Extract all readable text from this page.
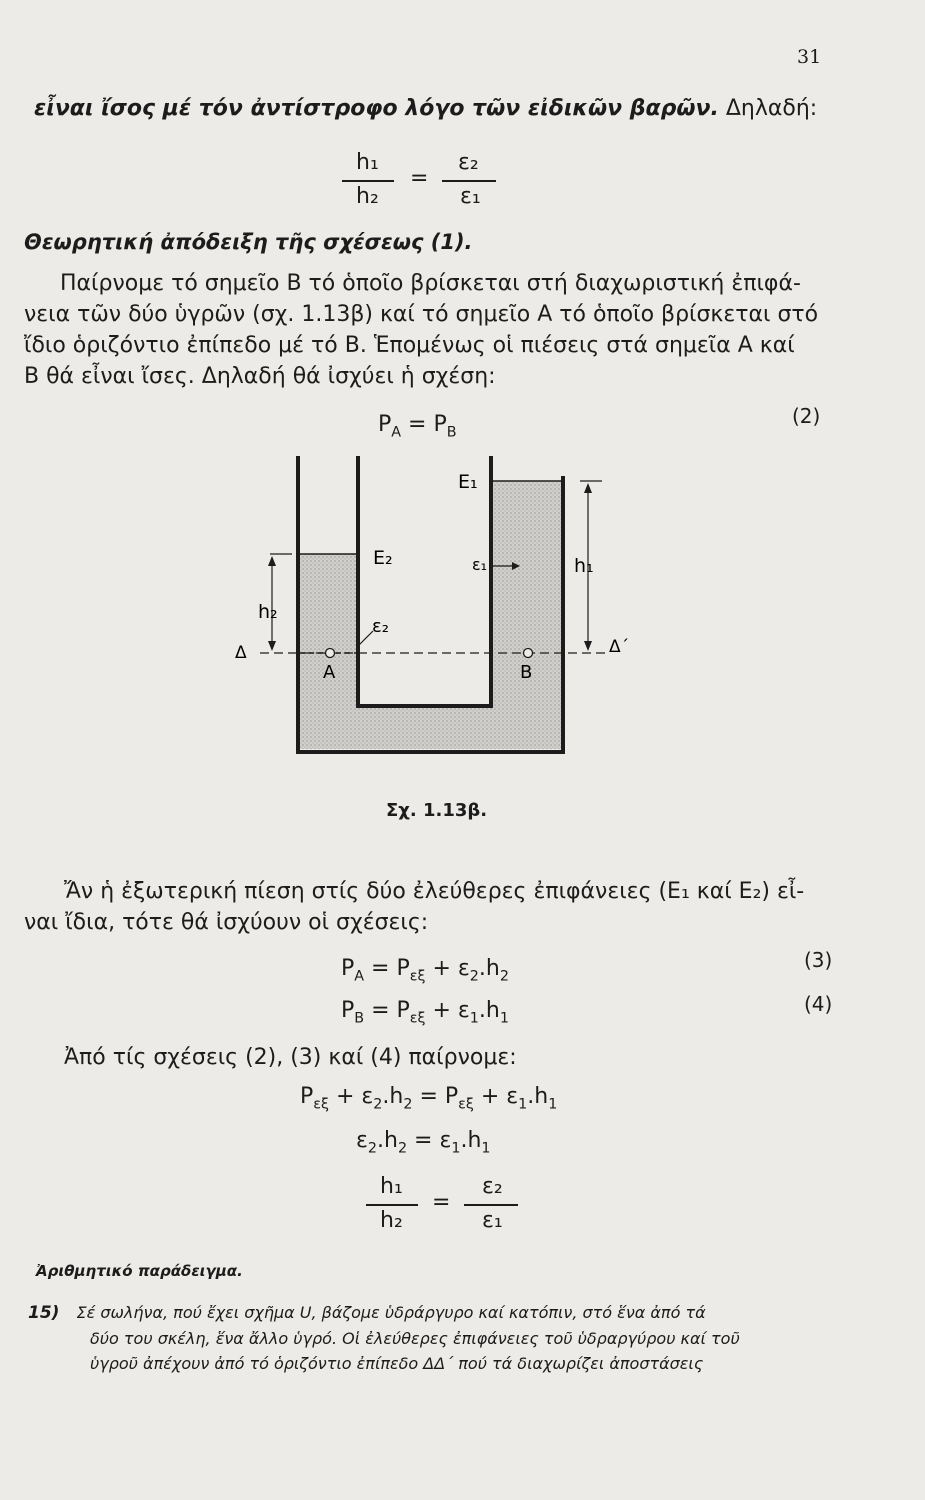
31
εἶναι ἴσος μέ τόν ἀντίστροφο λόγο τῶν εἰδικῶν βαρῶν. Δηλαδή:
h₁
h₂
=
ε₂
ε₁
Θεωρητική ἀπόδειξη τῆς σχέσεως (1).
Παίρνομε τό σημεῖο Β τό ὁποῖο βρίσκεται στή διαχωριστική ἐπιφά-
νεια τῶν δύο ὑγρῶν (σχ. 1.13β) καί τό σημεῖο Α τό ὁποῖο βρίσκεται στό
ἴδιο ὁριζόντιο ἐπίπεδο μέ τό Β. Ἑπομένως οἱ πιέσεις στά σημεῖα Α καί
Β θά εἶναι ἴσες. Δηλαδή θά ἰσχύει ἡ σχέση:
$P_A = P_B$
(2)
E₁
E₂	ε₁
ε₂
h₁
h₂
A	B
Δ	Δ΄
Σχ. 1.13β.
Ἄν ἡ ἐξωτερική πίεση στίς δύο ἐλεύθερες ἐπιφάνειες (E₁ καί E₂) εἶ-
ναι ἴδια, τότε θά ἰσχύουν οἱ σχέσεις:
$P_A = P_{\varepsilon\xi} + \varepsilon_2.h_2$
(3)
$P_B = P_{\varepsilon\xi} + \varepsilon_1.h_1$
(4)
Ἀπό τίς σχέσεις (2), (3) καί (4) παίρνομε:
$P_{\varepsilon\xi} + \varepsilon_2.h_2 = P_{\varepsilon\xi} + \varepsilon_1.h_1$
$\varepsilon_2.h_2 = \varepsilon_1.h_1$
h₁
h₂
=
ε₂
ε₁
Ἀριθμητικό παράδειγμα.
15) Σέ σωλήνα, πού ἔχει σχῆμα U, βάζομε ὑδράργυρο καί κατόπιν, στό ἕνα ἀπό τά
δύο του σκέλη, ἕνα ἄλλο ὑγρό. Οἱ ἐλεύθερες ἐπιφάνειες τοῦ ὑδραργύρου καί τοῦ
ὑγροῦ ἀπέχουν ἀπό τό ὁριζόντιο ἐπίπεδο ΔΔ΄ πού τά διαχωρίζει ἀποστάσεις
